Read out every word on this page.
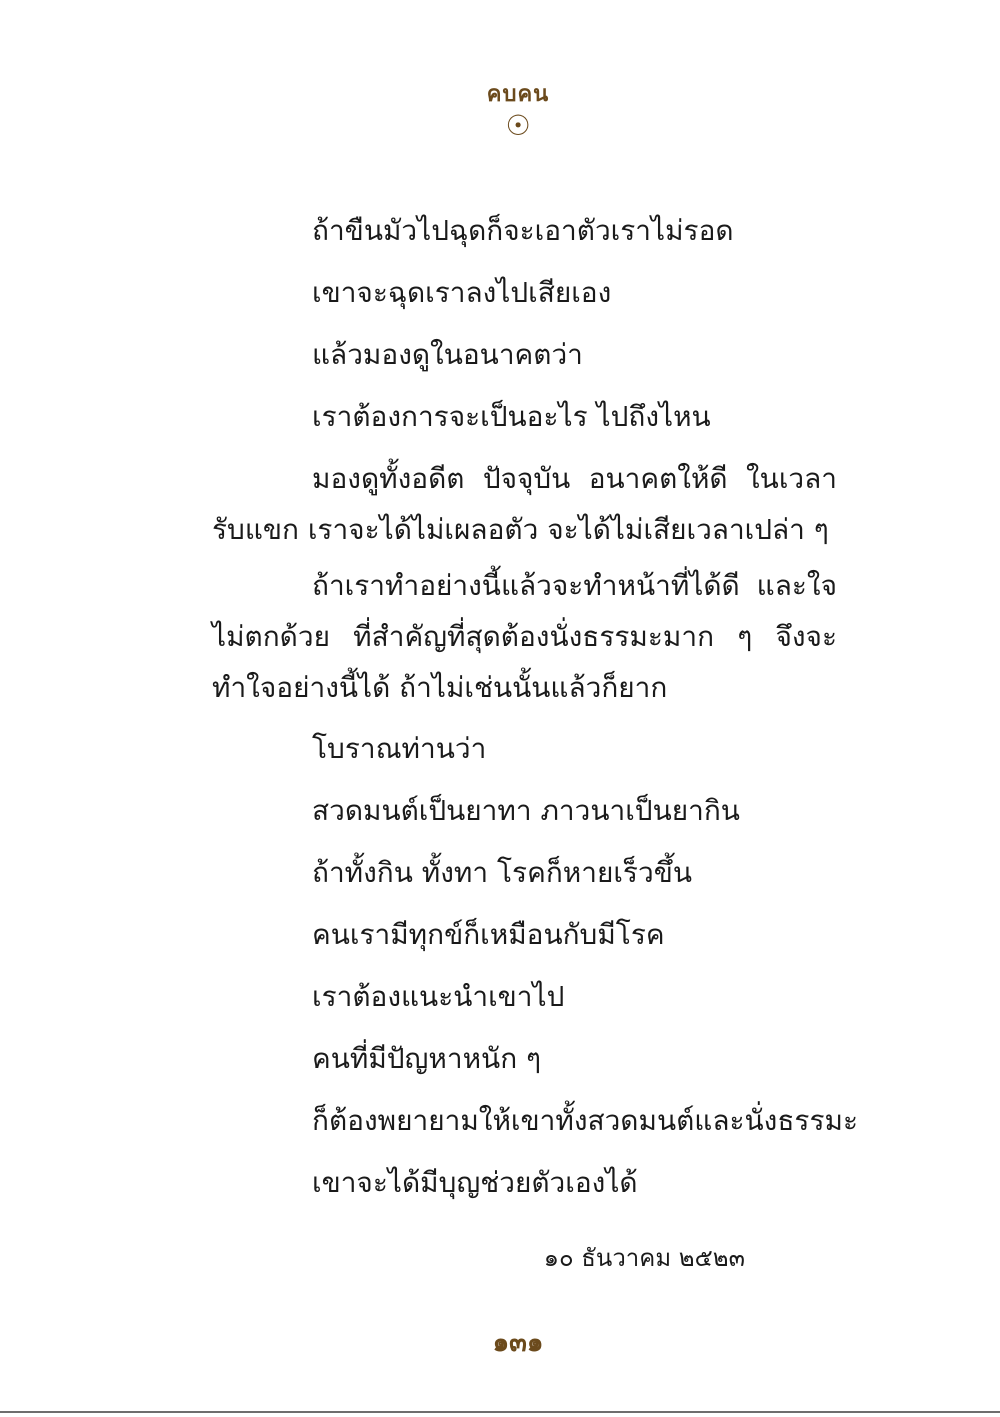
คบคน
☉
ถ้าขืนมัวไปฉุดก็จะเอาตัวเราไม่รอด
เขาจะฉุดเราลงไปเสียเอง
แล้วมองดูในอนาคตว่า
เราต้องการจะเป็นอะไร ไปถึงไหน
มองดูทั้งอดีต ปัจจุบัน อนาคตให้ดี ในเวลารับแขก เราจะได้ไม่เผลอตัว จะได้ไม่เสียเวลาเปล่า ๆ
ถ้าเราทำอย่างนี้แล้วจะทำหน้าที่ได้ดี และใจไม่ตกด้วย ที่สำคัญที่สุดต้องนั่งธรรมะมาก ๆ จึงจะทำใจอย่างนี้ได้ ถ้าไม่เช่นนั้นแล้วก็ยาก
โบราณท่านว่า
สวดมนต์เป็นยาทา ภาวนาเป็นยากิน
ถ้าทั้งกิน ทั้งทา โรคก็หายเร็วขึ้น
คนเรามีทุกข์ก็เหมือนกับมีโรค
เราต้องแนะนำเขาไป
คนที่มีปัญหาหนัก ๆ
ก็ต้องพยายามให้เขาทั้งสวดมนต์และนั่งธรรมะ
เขาจะได้มีบุญช่วยตัวเองได้
๑๐ ธันวาคม ๒๕๒๓
๑๓๑
